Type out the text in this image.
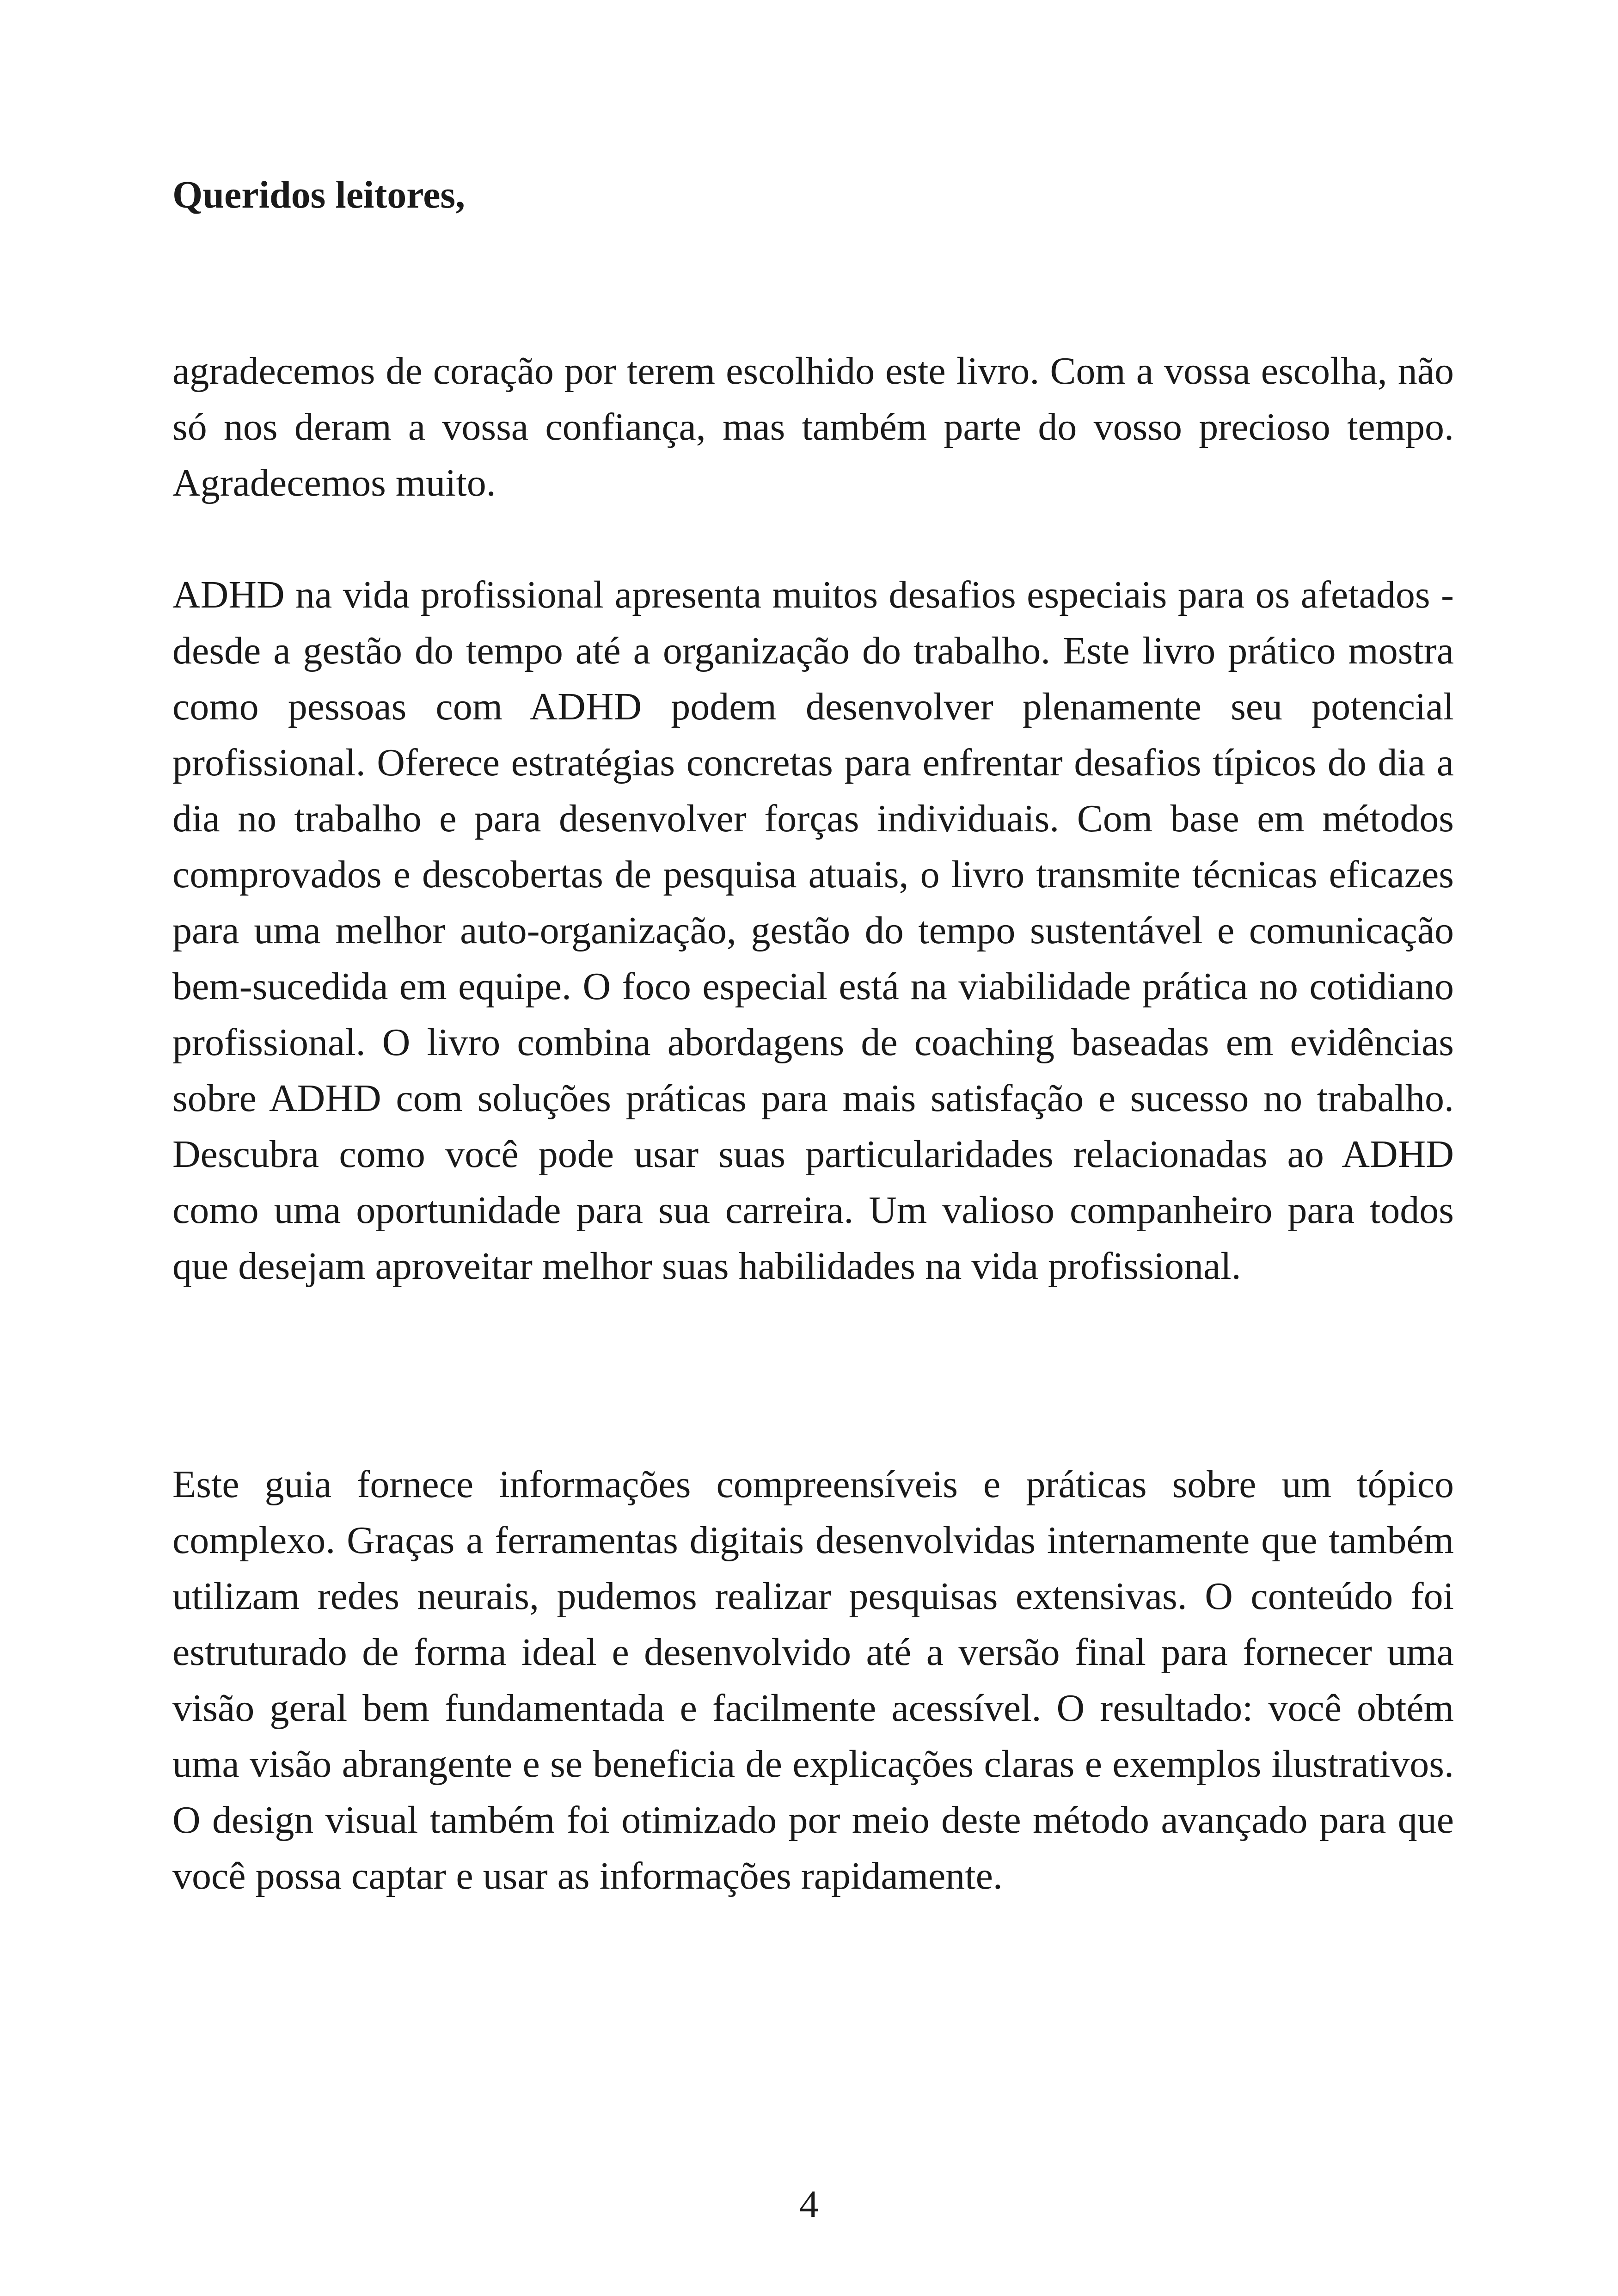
Queridos leitores,

agradecemos de coração por terem escolhido este livro. Com a vossa escolha, não só nos deram a vossa confiança, mas também parte do vosso precioso tempo. Agradecemos muito.

ADHD na vida profissional apresenta muitos desafios especiais para os afetados - desde a gestão do tempo até a organização do trabalho. Este livro prático mostra como pessoas com ADHD podem desenvolver plenamente seu potencial profissional. Oferece estratégias concretas para enfrentar desafios típicos do dia a dia no trabalho e para desenvolver forças individuais. Com base em métodos comprovados e descobertas de pesquisa atuais, o livro transmite técnicas eficazes para uma melhor auto-organização, gestão do tempo sustentável e comunicação bem-sucedida em equipe. O foco especial está na viabilidade prática no cotidiano profissional. O livro combina abordagens de coaching baseadas em evidências sobre ADHD com soluções práticas para mais satisfação e sucesso no trabalho. Descubra como você pode usar suas particularidades relacionadas ao ADHD como uma oportunidade para sua carreira. Um valioso companheiro para todos que desejam aproveitar melhor suas habilidades na vida profissional.

Este guia fornece informações compreensíveis e práticas sobre um tópico complexo. Graças a ferramentas digitais desenvolvidas internamente que também utilizam redes neurais, pudemos realizar pesquisas extensivas. O conteúdo foi estruturado de forma ideal e desenvolvido até a versão final para fornecer uma visão geral bem fundamentada e facilmente acessível. O resultado: você obtém uma visão abrangente e se beneficia de explicações claras e exemplos ilustrativos. O design visual também foi otimizado por meio deste método avançado para que você possa captar e usar as informações rapidamente.

4
